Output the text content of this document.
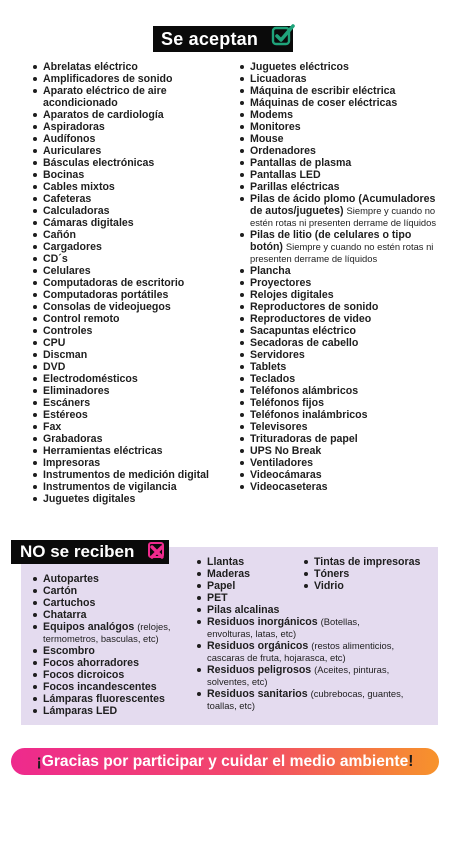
Se aceptan
Abrelatas eléctrico
Amplificadores de sonido
Aparato eléctrico de aire acondicionado
Aparatos de cardiología
Aspiradoras
Audífonos
Auriculares
Básculas electrónicas
Bocinas
Cables mixtos
Cafeteras
Calculadoras
Cámaras digitales
Cañón
Cargadores
CD´s
Celulares
Computadoras de escritorio
Computadoras portátiles
Consolas de videojuegos
Control remoto
Controles
CPU
Discman
DVD
Electrodomésticos
Eliminadores
Escáners
Estéreos
Fax
Grabadoras
Herramientas eléctricas
Impresoras
Instrumentos de medición digital
Instrumentos de vigilancia
Juguetes digitales
Juguetes eléctricos
Licuadoras
Máquina de escribir eléctrica
Máquinas de coser eléctricas
Modems
Monitores
Mouse
Ordenadores
Pantallas de plasma
Pantallas LED
Parillas eléctricas
Pilas de ácido plomo (Acumuladores de autos/juguetes) Siempre y cuando no estén rotas ni presenten derrame de líquidos
Pilas de litio (de celulares o tipo botón) Siempre y cuando no estén rotas ni presenten derrame de líquidos
Plancha
Proyectores
Relojes digitales
Reproductores de sonido
Reproductores de video
Sacapuntas eléctrico
Secadoras de cabello
Servidores
Tablets
Teclados
Teléfonos alámbricos
Teléfonos fijos
Teléfonos inalámbricos
Televisores
Trituradoras de papel
UPS No Break
Ventiladores
Videocámaras
Videocaseteras
NO se reciben
Autopartes
Cartón
Cartuchos
Chatarra
Equipos analógos (relojes, termometros, basculas, etc)
Escombro
Focos ahorradores
Focos dicroicos
Focos incandescentes
Lámparas fluorescentes
Lámparas LED
Llantas
Maderas
Papel
PET
Pilas alcalinas
Residuos inorgánicos (Botellas, envolturas, latas, etc)
Residuos orgánicos (restos alimenticios, cascaras de fruta, hojarasca, etc)
Residuos peligrosos (Aceites, pinturas, solventes, etc)
Residuos sanitarios (cubrebocas, guantes, toallas, etc)
Tintas de impresoras
Tóners
Vidrio
¡ Gracias por participar y cuidar el medio ambiente !
